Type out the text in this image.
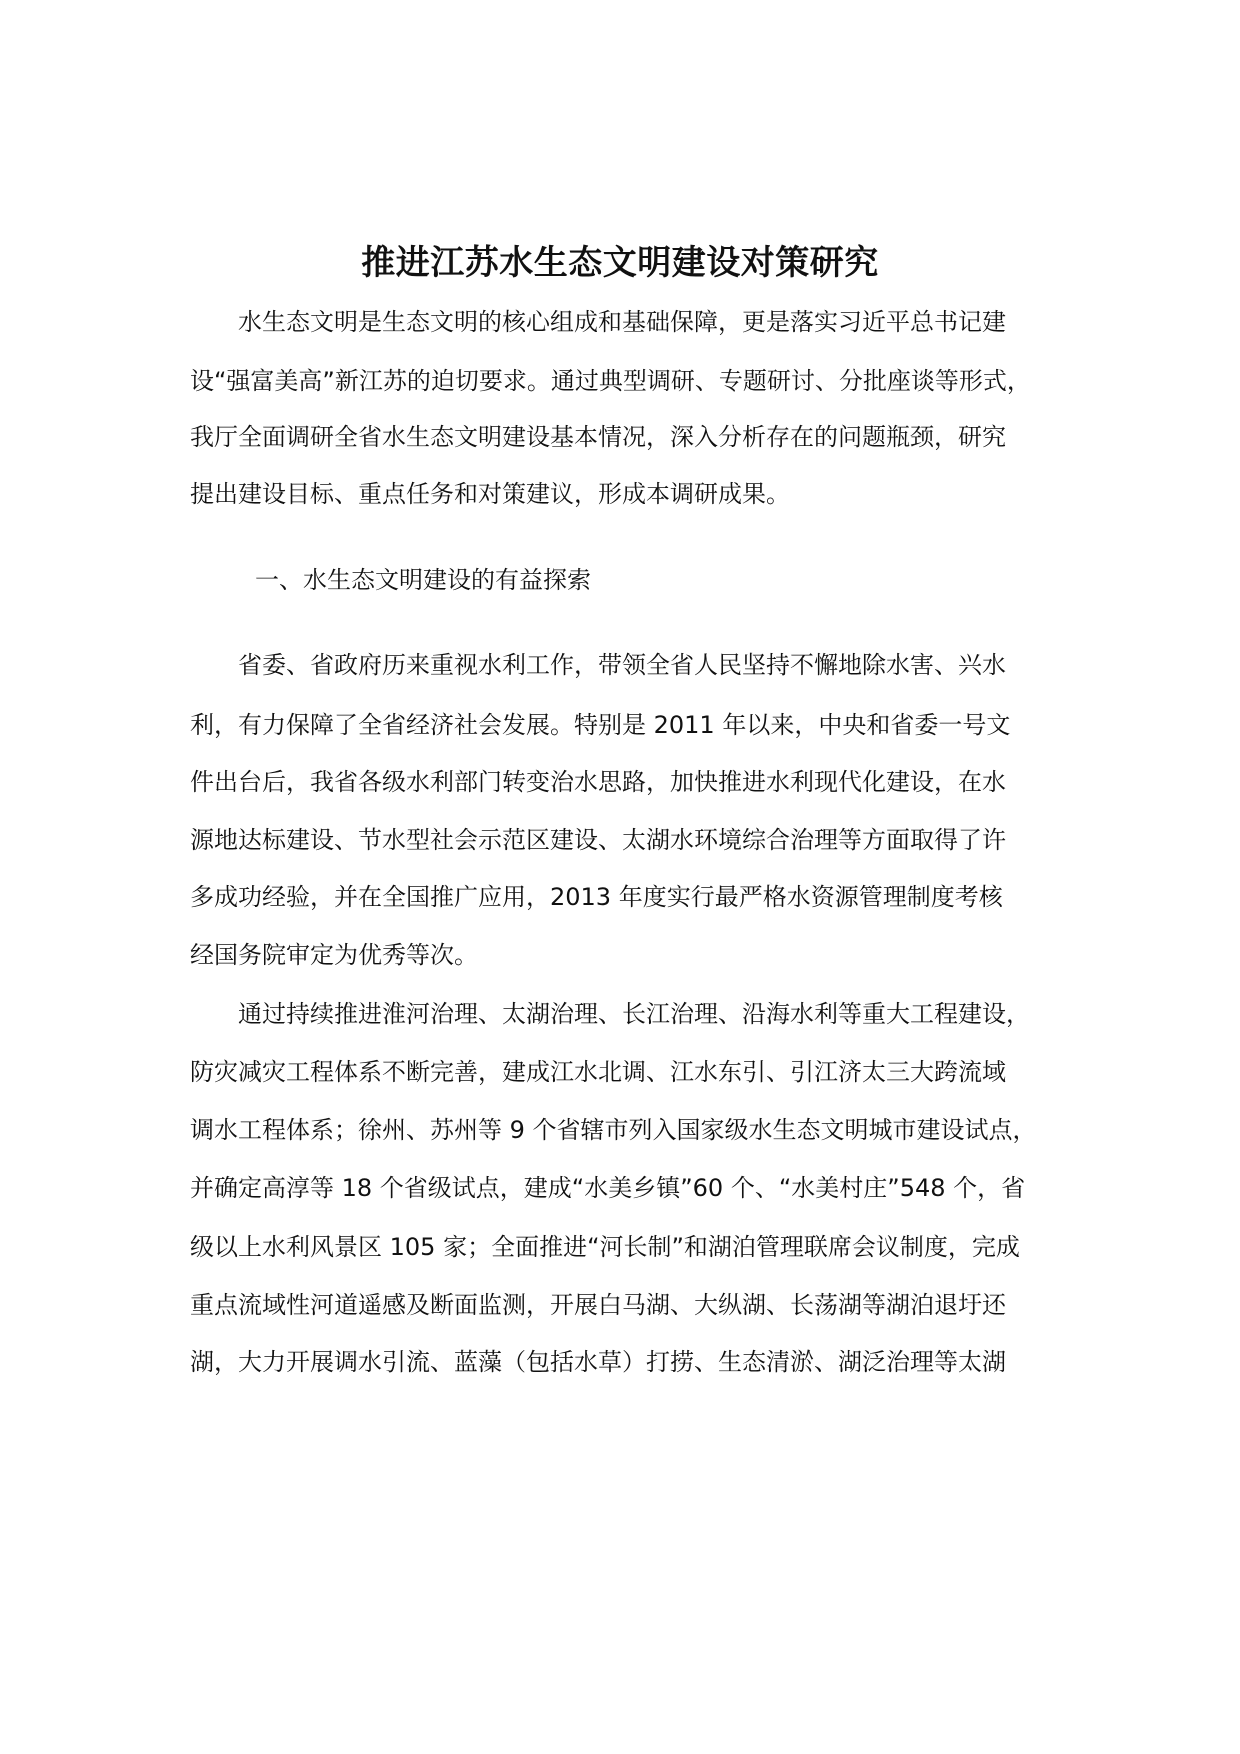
推进江苏水生态文明建设对策研究

水生态文明是生态文明的核心组成和基础保障，更是落实习近平总书记建

设“强富美高”新江苏的迫切要求。通过典型调研、专题研讨、分批座谈等形式，

我厅全面调研全省水生态文明建设基本情况，深入分析存在的问题瓶颈，研究

提出建设目标、重点任务和对策建议，形成本调研成果。

一、水生态文明建设的有益探索

省委、省政府历来重视水利工作，带领全省人民坚持不懈地除水害、兴水

利，有力保障了全省经济社会发展。特别是 2011 年以来，中央和省委一号文

件出台后，我省各级水利部门转变治水思路，加快推进水利现代化建设，在水

源地达标建设、节水型社会示范区建设、太湖水环境综合治理等方面取得了许

多成功经验，并在全国推广应用，2013 年度实行最严格水资源管理制度考核

经国务院审定为优秀等次。

通过持续推进淮河治理、太湖治理、长江治理、沿海水利等重大工程建设，

防灾减灾工程体系不断完善，建成江水北调、江水东引、引江济太三大跨流域

调水工程体系；徐州、苏州等 9 个省辖市列入国家级水生态文明城市建设试点，

并确定高淳等 18 个省级试点，建成“水美乡镇”60 个、“水美村庄”548 个，省

级以上水利风景区 105 家；全面推进“河长制”和湖泊管理联席会议制度，完成

重点流域性河道遥感及断面监测，开展白马湖、大纵湖、长荡湖等湖泊退圩还

湖，大力开展调水引流、蓝藻（包括水草）打捞、生态清淤、湖泛治理等太湖
